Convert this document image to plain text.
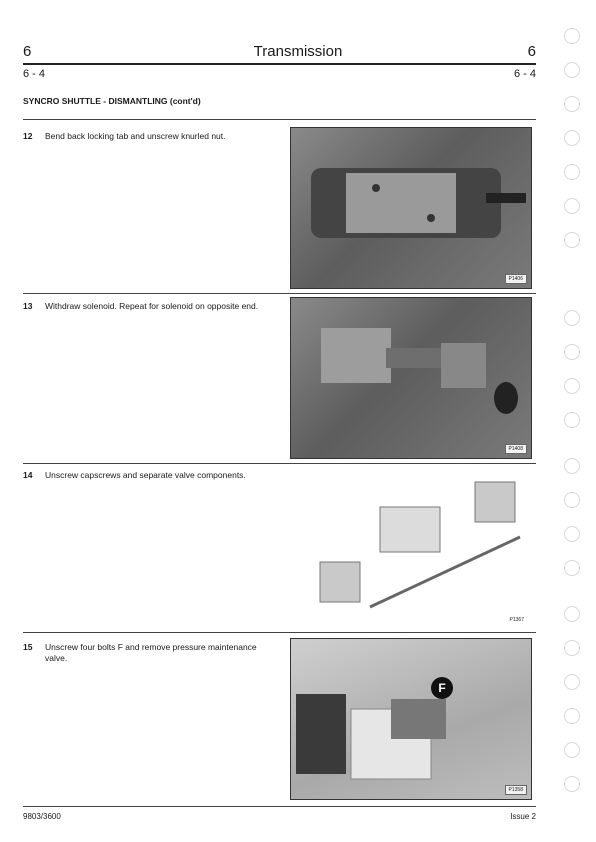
6	Transmission	6
6 - 4	6 - 4
SYNCRO SHUTTLE - DISMANTLING (cont'd)
12 Bend back locking tab and unscrew knurled nut.
P1406
13 Withdraw solenoid. Repeat for solenoid on opposite end.
P1408
14 Unscrew capscrews and separate valve components.
P1367
15 Unscrew four bolts F and remove pressure maintenance valve.
F
P1358
9803/3600	Issue 2
